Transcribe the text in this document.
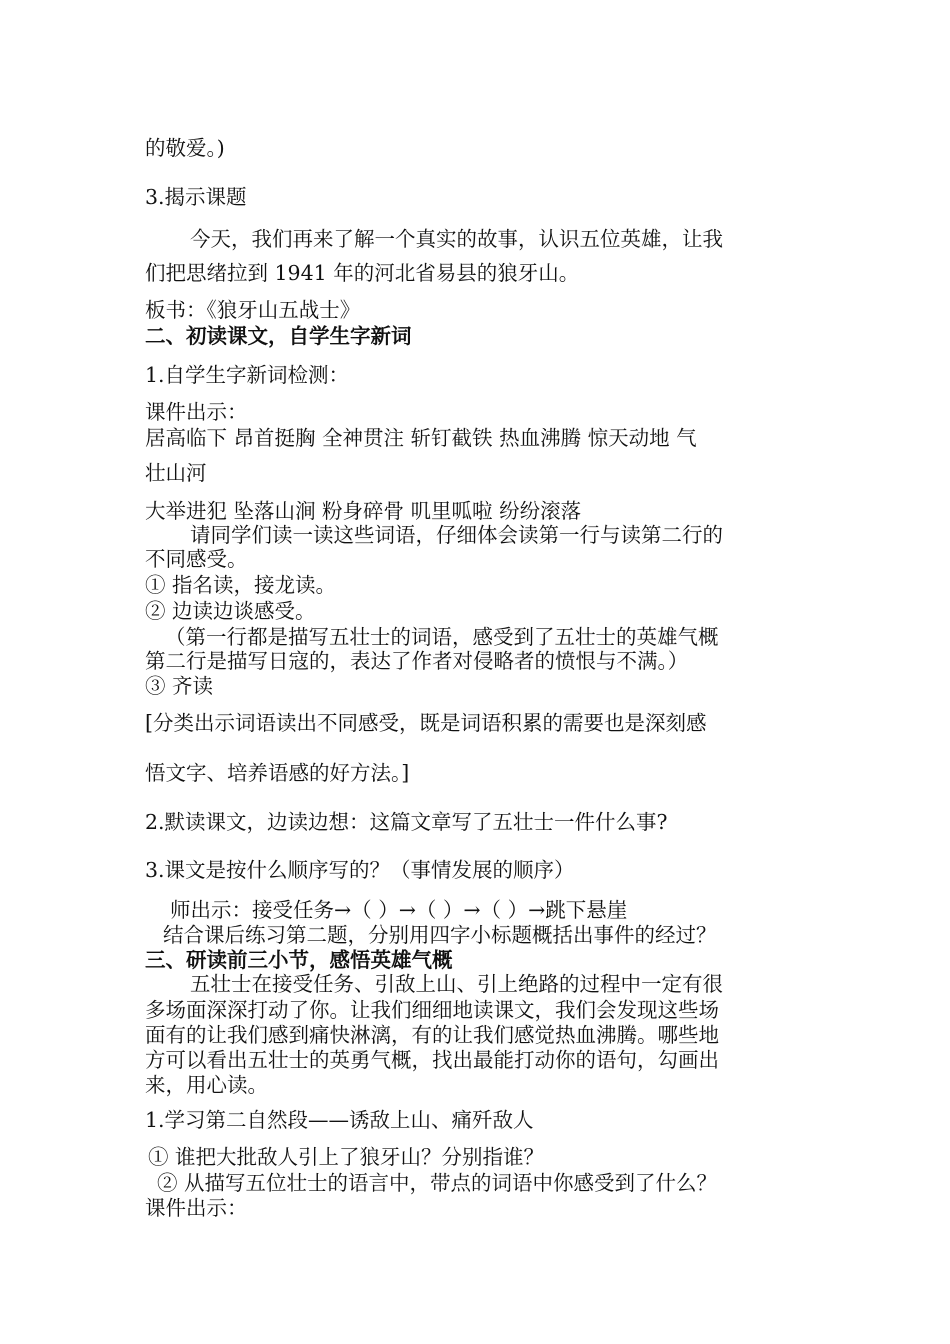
的敬爱。)
3.揭示课题
今天，我们再来了解一个真实的故事，认识五位英雄，让我
们把思绪拉到 1941 年的河北省易县的狼牙山。
板书：《狼牙山五战士》
二、初读课文，自学生字新词
1.自学生字新词检测：
课件出示：
居高临下 昂首挺胸 全神贯注 斩钉截铁 热血沸腾 惊天动地 气
壮山河
大举进犯 坠落山涧 粉身碎骨 叽里呱啦 纷纷滚落
请同学们读一读这些词语，仔细体会读第一行与读第二行的
不同感受。
① 指名读，接龙读。
② 边读边谈感受。
（第一行都是描写五壮士的词语，感受到了五壮士的英雄气概
第二行是描写日寇的，表达了作者对侵略者的愤恨与不满。）
③ 齐读
[分类出示词语读出不同感受，既是词语积累的需要也是深刻感
悟文字、培养语感的好方法。]
2.默读课文，边读边想：这篇文章写了五壮士一件什么事?
3.课文是按什么顺序写的？（事情发展的顺序）
师出示：接受任务→（ ）→（ ）→（ ）→跳下悬崖
结合课后练习第二题，分别用四字小标题概括出事件的经过？
三、研读前三小节，感悟英雄气概
五壮士在接受任务、引敌上山、引上绝路的过程中一定有很
多场面深深打动了你。让我们细细地读课文，我们会发现这些场
面有的让我们感到痛快淋漓，有的让我们感觉热血沸腾。哪些地
方可以看出五壮士的英勇气概，找出最能打动你的语句，勾画出
来，用心读。
1.学习第二自然段——诱敌上山、痛歼敌人
① 谁把大批敌人引上了狼牙山？分别指谁？
② 从描写五位壮士的语言中，带点的词语中你感受到了什么？
课件出示：
